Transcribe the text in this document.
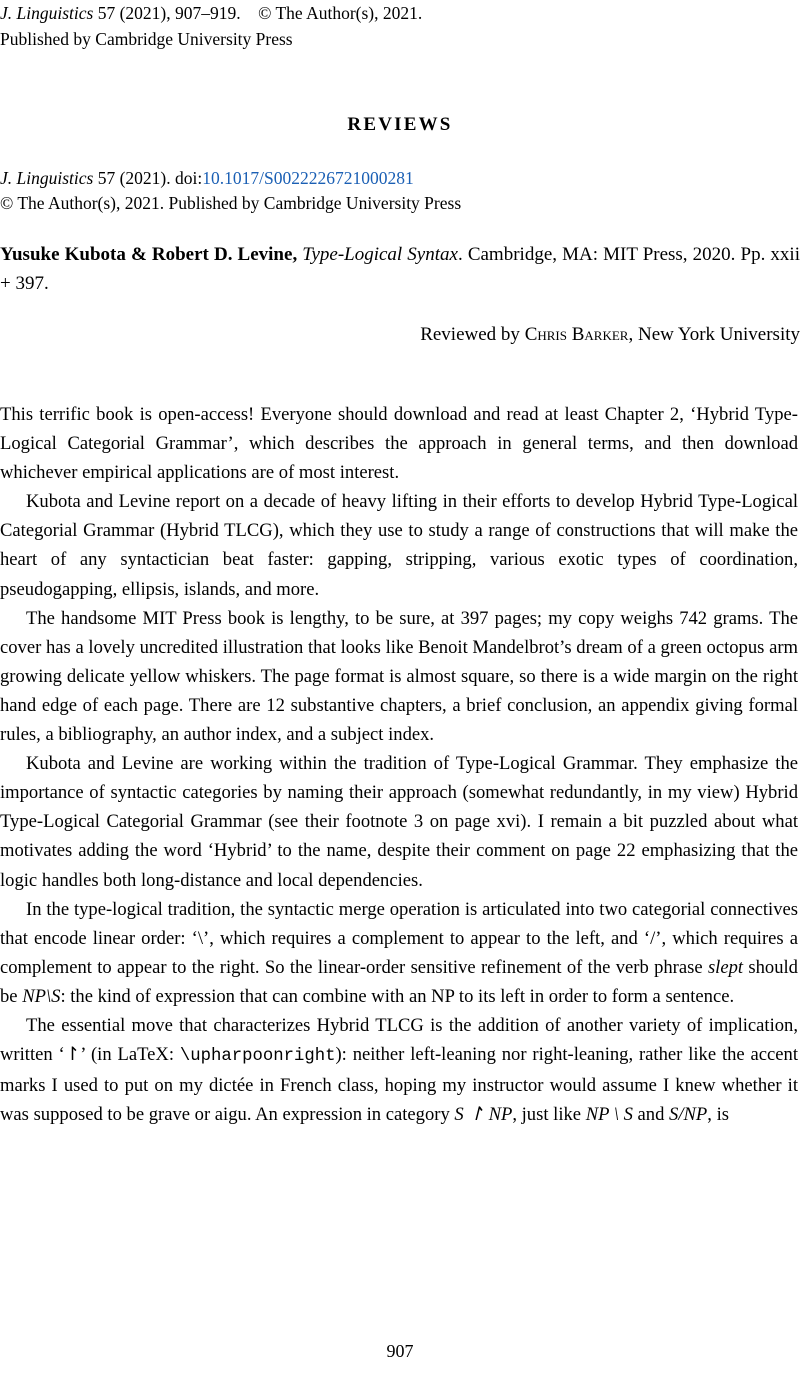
J. Linguistics 57 (2021), 907–919. © The Author(s), 2021.
Published by Cambridge University Press
REVIEWS
J. Linguistics 57 (2021). doi:10.1017/S0022226721000281
© The Author(s), 2021. Published by Cambridge University Press
Yusuke Kubota & Robert D. Levine, Type-Logical Syntax. Cambridge, MA: MIT Press, 2020. Pp. xxii + 397.
Reviewed by Chris Barker, New York University

This terrific book is open-access! Everyone should download and read at least Chapter 2, ‘Hybrid Type-Logical Categorial Grammar’, which describes the approach in general terms, and then download whichever empirical applications are of most interest.

Kubota and Levine report on a decade of heavy lifting in their efforts to develop Hybrid Type-Logical Categorial Grammar (Hybrid TLCG), which they use to study a range of constructions that will make the heart of any syntactician beat faster: gapping, stripping, various exotic types of coordination, pseudogapping, ellipsis, islands, and more.

The handsome MIT Press book is lengthy, to be sure, at 397 pages; my copy weighs 742 grams. The cover has a lovely uncredited illustration that looks like Benoit Mandelbrot’s dream of a green octopus arm growing delicate yellow whiskers. The page format is almost square, so there is a wide margin on the right hand edge of each page. There are 12 substantive chapters, a brief conclusion, an appendix giving formal rules, a bibliography, an author index, and a subject index.

Kubota and Levine are working within the tradition of Type-Logical Grammar. They emphasize the importance of syntactic categories by naming their approach (somewhat redundantly, in my view) Hybrid Type-Logical Categorial Grammar (see their footnote 3 on page xvi). I remain a bit puzzled about what motivates adding the word ‘Hybrid’ to the name, despite their comment on page 22 emphasizing that the logic handles both long-distance and local dependencies.

In the type-logical tradition, the syntactic merge operation is articulated into two categorial connectives that encode linear order: ‘\’, which requires a complement to appear to the left, and ‘/’, which requires a complement to appear to the right. So the linear-order sensitive refinement of the verb phrase slept should be NP\S: the kind of expression that can combine with an NP to its left in order to form a sentence.

The essential move that characterizes Hybrid TLCG is the addition of another variety of implication, written ‘↾’ (in LaTeX: \upharpoonright): neither left-leaning nor right-leaning, rather like the accent marks I used to put on my dictée in French class, hoping my instructor would assume I knew whether it was supposed to be grave or aigu. An expression in category S ↾ NP, just like NP \ S and S/NP, is

907
